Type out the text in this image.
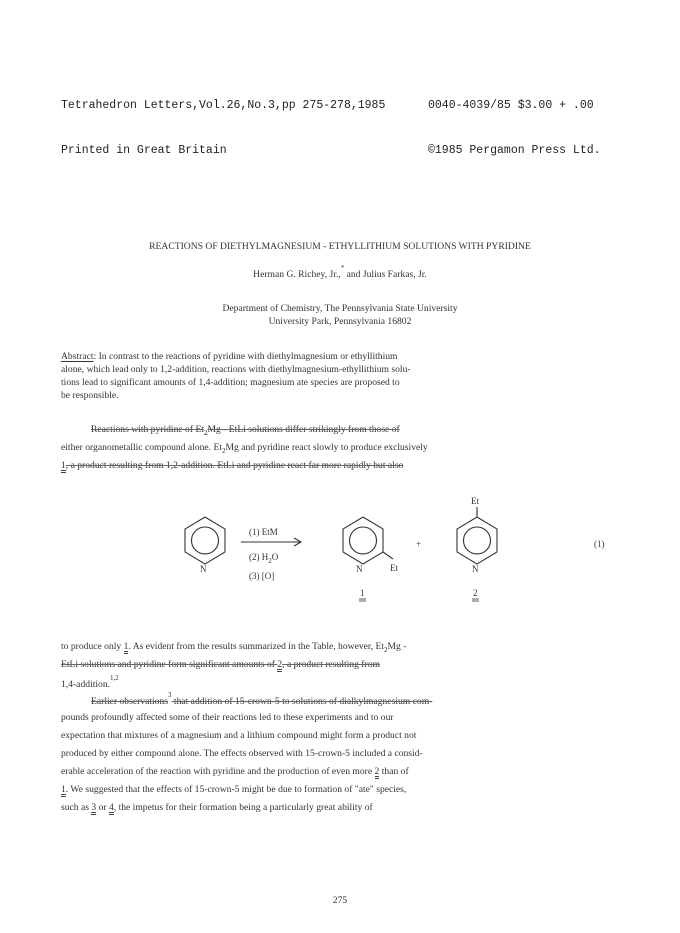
Tetrahedron Letters,Vol.26,No.3,pp 275-278,1985

Printed in Great Britain

0040-4039/85 $3.00 + .00

©1985 Pergamon Press Ltd.

REACTIONS OF DIETHYLMAGNESIUM - ETHYLLITHIUM SOLUTIONS WITH PYRIDINE
Herman G. Richey, Jr.,* and Julius Farkas, Jr.
Department of Chemistry, The Pennsylvania State University
University Park, Pennsylvania 16802
Abstract: In contrast to the reactions of pyridine with diethylmagnesium or ethyllithium
alone, which lead only to 1,2-addition, reactions with diethylmagnesium-ethyllithium solu-
tions lead to significant amounts of 1,4-addition; magnesium ate species are proposed to
be responsible.
Reactions with pyridine of $Et_2Mg$ - EtLi solutions differ strikingly from those of
either organometallic compound alone. $Et_2Mg$ and pyridine react slowly to produce exclusively
1, a product resulting from 1,2-addition. EtLi and pyridine react far more rapidly but also
N	N	Et	N
Et
+	(1)
(1) EtM
(2) $H_2O$
(3) [O]
1	2
to produce only 1. As evident from the results summarized in the Table, however, $Et_2Mg$ -
EtLi solutions and pyridine form significant amounts of 2, a product resulting from
1,4-addition.$^{1,2}$
Earlier observations$^3$ that addition of 15-crown-5 to solutions of dialkylmagnesium com-
pounds profoundly affected some of their reactions led to these experiments and to our
expectation that mixtures of a magnesium and a lithium compound might form a product not
produced by either compound alone. The effects observed with 15-crown-5 included a consid-
erable acceleration of the reaction with pyridine and the production of even more 2 than of
1. We suggested that the effects of 15-crown-5 might be due to formation of "ate" species,
such as 3 or 4, the impetus for their formation being a particularly great ability of
275
